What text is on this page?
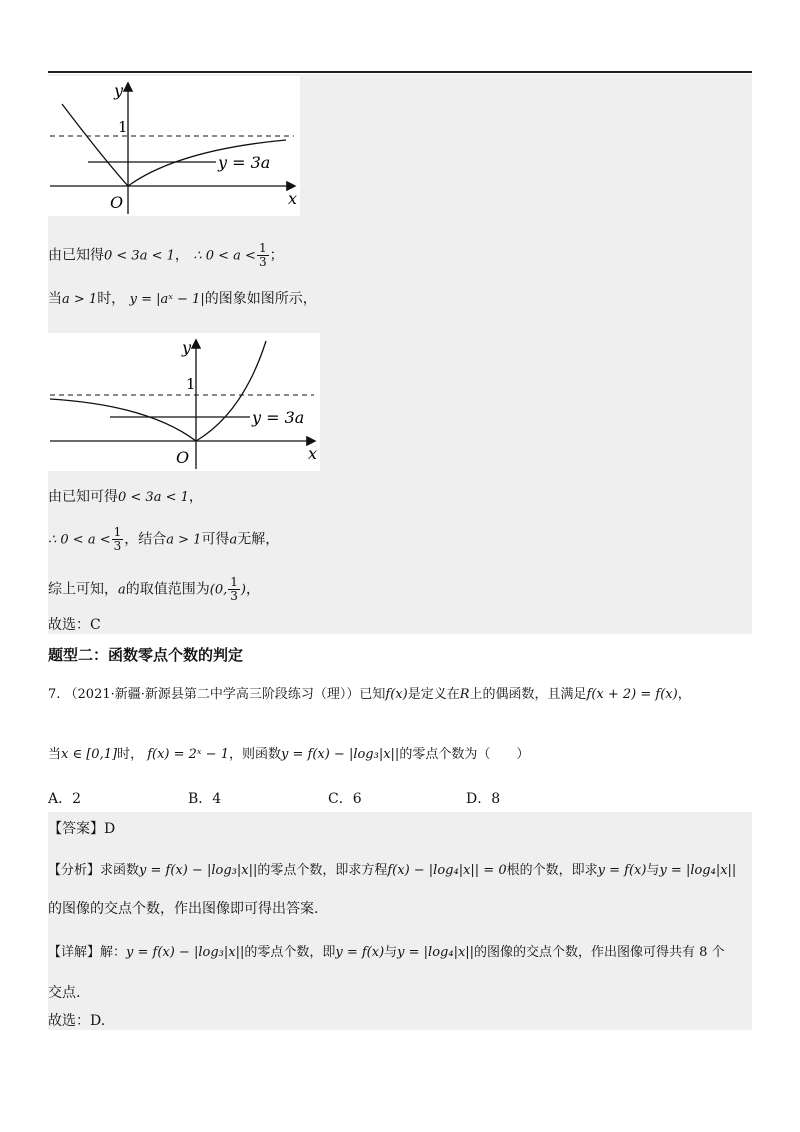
y
1
y = 3a
O	x
由已知得0 < 3a < 1， ∴ $0 < a < \frac{1}{3}$ ；
当a > 1时， y = |aˣ − 1|的图象如图所示，
y
1
y = 3a
O	x
由已知可得0 < 3a < 1，
∴ $0 < a < \frac{1}{3}$ ，结合a > 1可得a无解，
综上可知，a的取值范围为(0, $\frac{1}{3}$ )，
故选：C
题型二：函数零点个数的判定
7. （2021·新疆·新源县第二中学高三阶段练习（理））已知f(x)是定义在R上的偶函数，且满足f(x + 2) = f(x)，
当x ∈ [0,1]时， f(x) = 2ˣ − 1，则函数y = f(x) − |log₃|x||的零点个数为（　　）
A．2	B．4	C．6	D．8
【答案】D
【分析】求函数y = f(x) − |log₃|x||的零点个数，即求方程f(x) − |log₄|x|| = 0根的个数，即求y = f(x)与y = |log₄|x||
的图像的交点个数，作出图像即可得出答案.
【详解】解：y = f(x) − |log₃|x||的零点个数，即y = f(x)与y = |log₄|x||的图像的交点个数，作出图像可得共有 8 个
交点.
故选：D.
